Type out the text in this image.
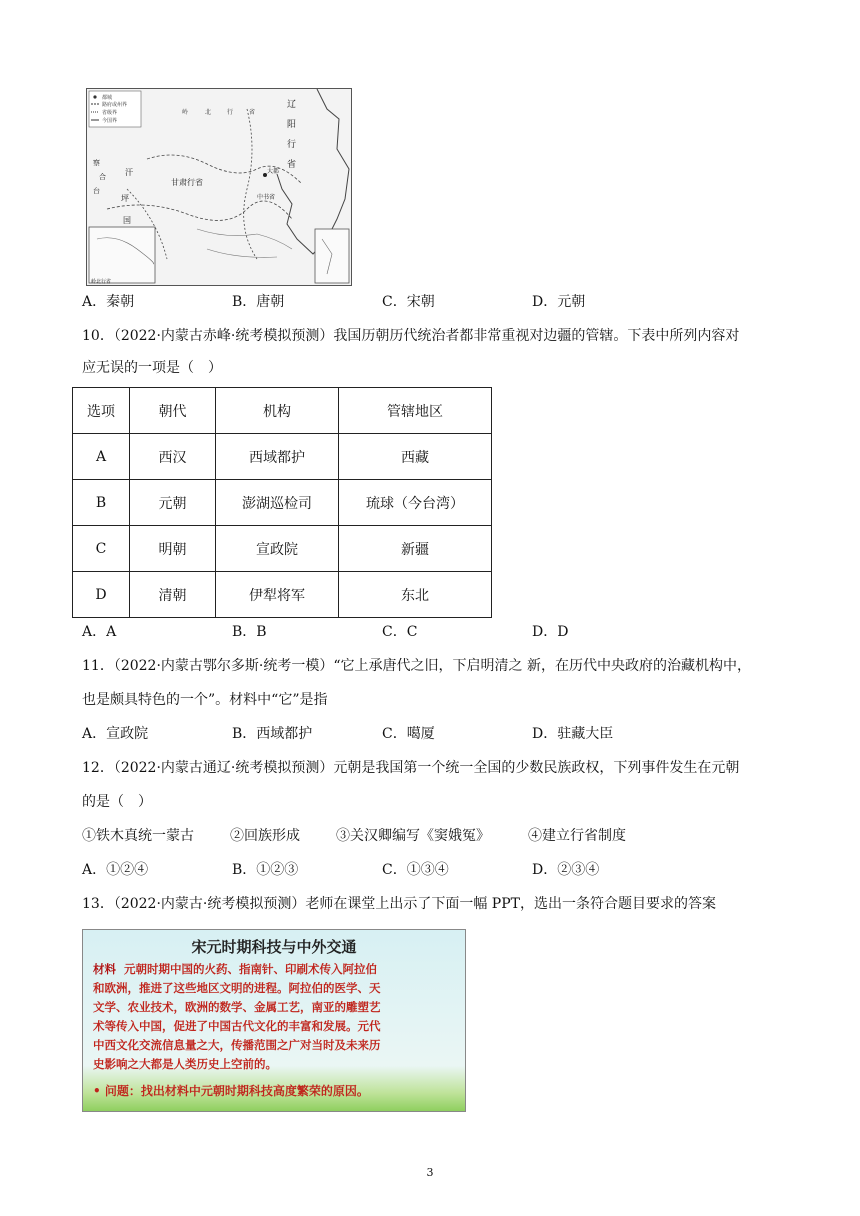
都城
路府或州界
省级界
今国界
辽
阳
行
省
岭	北	行	省
察
合
台
汗
坪
国
甘肃行省
大都
中书省
岭北行省
A．秦朝	B．唐朝	C．宋朝	D．元朝
10．（2022·内蒙古赤峰·统考模拟预测）我国历朝历代统治者都非常重视对边疆的管辖。下表中所列内容对
应无误的一项是（　）
选项	朝代	机构	管辖地区
A	西汉	西域都护	西藏
B	元朝	澎湖巡检司	琉球（今台湾）
C	明朝	宣政院	新疆
D	清朝	伊犁将军	东北
A．A	B．B	C．C	D．D
11．（2022·内蒙古鄂尔多斯·统考一模）“它上承唐代之旧，下启明清之 新，在历代中央政府的治藏机构中，
也是颇具特色的一个”。材料中“它”是指
A．宣政院	B．西域都护	C．噶厦	D．驻藏大臣
12．（2022·内蒙古通辽·统考模拟预测）元朝是我国第一个统一全国的少数民族政权，下列事件发生在元朝
的是（　）
①铁木真统一蒙古	②回族形成	③关汉卿编写《窦娥冤》	④建立行省制度
A．①②④	B．①②③	C．①③④	D．②③④
13．（2022·内蒙古·统考模拟预测）老师在课堂上出示了下面一幅 PPT，选出一条符合题目要求的答案
宋元时期科技与中外交通
材料 元朝时期中国的火药、指南针、印刷术传入阿拉伯
和欧洲，推进了这些地区文明的进程。阿拉伯的医学、天
文学、农业技术，欧洲的数学、金属工艺，南亚的雕塑艺
术等传入中国，促进了中国古代文化的丰富和发展。元代
中西文化交流信息量之大，传播范围之广对当时及未来历
史影响之大都是人类历史上空前的。
• 问题：找出材料中元朝时期科技高度繁荣的原因。
3
